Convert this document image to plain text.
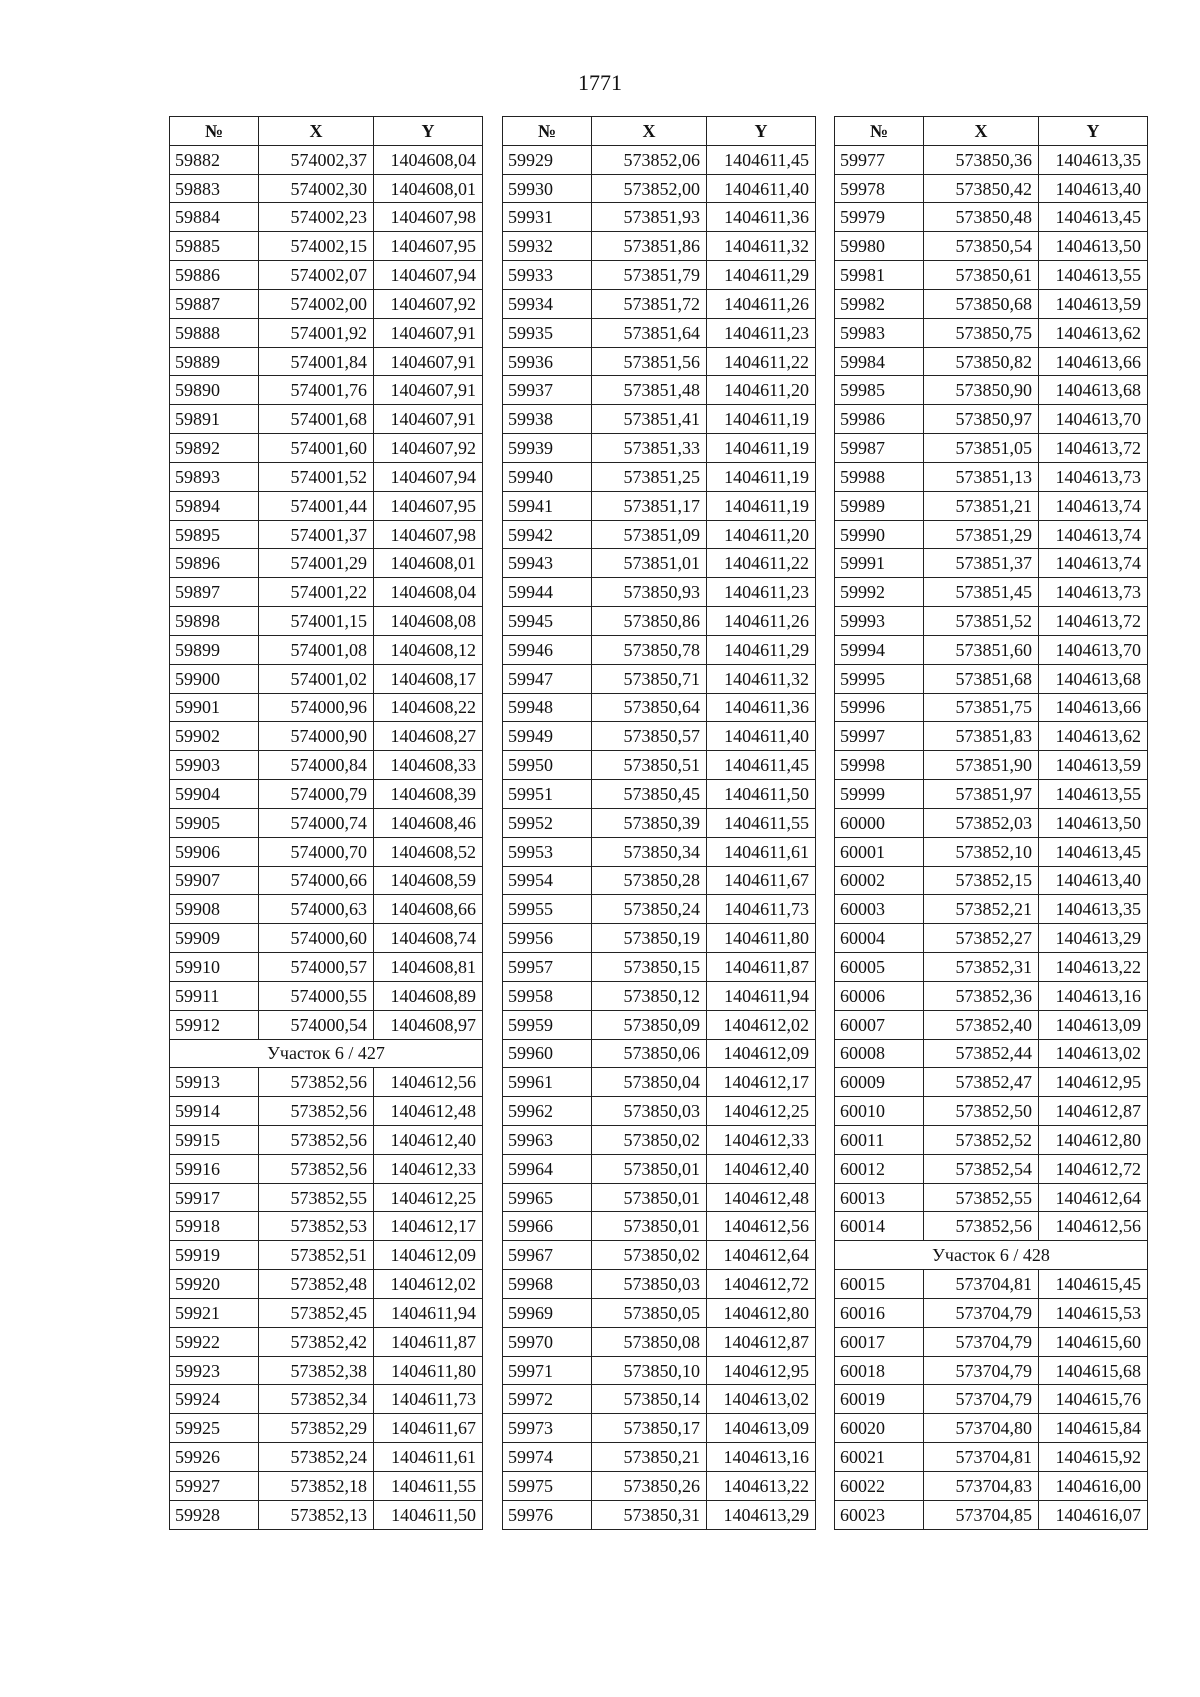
1771
№	X	Y
59882	574002,37	1404608,04
59883	574002,30	1404608,01
59884	574002,23	1404607,98
59885	574002,15	1404607,95
59886	574002,07	1404607,94
59887	574002,00	1404607,92
59888	574001,92	1404607,91
59889	574001,84	1404607,91
59890	574001,76	1404607,91
59891	574001,68	1404607,91
59892	574001,60	1404607,92
59893	574001,52	1404607,94
59894	574001,44	1404607,95
59895	574001,37	1404607,98
59896	574001,29	1404608,01
59897	574001,22	1404608,04
59898	574001,15	1404608,08
59899	574001,08	1404608,12
59900	574001,02	1404608,17
59901	574000,96	1404608,22
59902	574000,90	1404608,27
59903	574000,84	1404608,33
59904	574000,79	1404608,39
59905	574000,74	1404608,46
59906	574000,70	1404608,52
59907	574000,66	1404608,59
59908	574000,63	1404608,66
59909	574000,60	1404608,74
59910	574000,57	1404608,81
59911	574000,55	1404608,89
59912	574000,54	1404608,97
Участок 6 / 427		
59913	573852,56	1404612,56
59914	573852,56	1404612,48
59915	573852,56	1404612,40
59916	573852,56	1404612,33
59917	573852,55	1404612,25
59918	573852,53	1404612,17
59919	573852,51	1404612,09
59920	573852,48	1404612,02
59921	573852,45	1404611,94
59922	573852,42	1404611,87
59923	573852,38	1404611,80
59924	573852,34	1404611,73
59925	573852,29	1404611,67
59926	573852,24	1404611,61
59927	573852,18	1404611,55
59928	573852,13	1404611,50
№	X	Y
59929	573852,06	1404611,45
59930	573852,00	1404611,40
59931	573851,93	1404611,36
59932	573851,86	1404611,32
59933	573851,79	1404611,29
59934	573851,72	1404611,26
59935	573851,64	1404611,23
59936	573851,56	1404611,22
59937	573851,48	1404611,20
59938	573851,41	1404611,19
59939	573851,33	1404611,19
59940	573851,25	1404611,19
59941	573851,17	1404611,19
59942	573851,09	1404611,20
59943	573851,01	1404611,22
59944	573850,93	1404611,23
59945	573850,86	1404611,26
59946	573850,78	1404611,29
59947	573850,71	1404611,32
59948	573850,64	1404611,36
59949	573850,57	1404611,40
59950	573850,51	1404611,45
59951	573850,45	1404611,50
59952	573850,39	1404611,55
59953	573850,34	1404611,61
59954	573850,28	1404611,67
59955	573850,24	1404611,73
59956	573850,19	1404611,80
59957	573850,15	1404611,87
59958	573850,12	1404611,94
59959	573850,09	1404612,02
59960	573850,06	1404612,09
59961	573850,04	1404612,17
59962	573850,03	1404612,25
59963	573850,02	1404612,33
59964	573850,01	1404612,40
59965	573850,01	1404612,48
59966	573850,01	1404612,56
59967	573850,02	1404612,64
59968	573850,03	1404612,72
59969	573850,05	1404612,80
59970	573850,08	1404612,87
59971	573850,10	1404612,95
59972	573850,14	1404613,02
59973	573850,17	1404613,09
59974	573850,21	1404613,16
59975	573850,26	1404613,22
59976	573850,31	1404613,29
№	X	Y
59977	573850,36	1404613,35
59978	573850,42	1404613,40
59979	573850,48	1404613,45
59980	573850,54	1404613,50
59981	573850,61	1404613,55
59982	573850,68	1404613,59
59983	573850,75	1404613,62
59984	573850,82	1404613,66
59985	573850,90	1404613,68
59986	573850,97	1404613,70
59987	573851,05	1404613,72
59988	573851,13	1404613,73
59989	573851,21	1404613,74
59990	573851,29	1404613,74
59991	573851,37	1404613,74
59992	573851,45	1404613,73
59993	573851,52	1404613,72
59994	573851,60	1404613,70
59995	573851,68	1404613,68
59996	573851,75	1404613,66
59997	573851,83	1404613,62
59998	573851,90	1404613,59
59999	573851,97	1404613,55
60000	573852,03	1404613,50
60001	573852,10	1404613,45
60002	573852,15	1404613,40
60003	573852,21	1404613,35
60004	573852,27	1404613,29
60005	573852,31	1404613,22
60006	573852,36	1404613,16
60007	573852,40	1404613,09
60008	573852,44	1404613,02
60009	573852,47	1404612,95
60010	573852,50	1404612,87
60011	573852,52	1404612,80
60012	573852,54	1404612,72
60013	573852,55	1404612,64
60014	573852,56	1404612,56
Участок 6 / 428		
60015	573704,81	1404615,45
60016	573704,79	1404615,53
60017	573704,79	1404615,60
60018	573704,79	1404615,68
60019	573704,79	1404615,76
60020	573704,80	1404615,84
60021	573704,81	1404615,92
60022	573704,83	1404616,00
60023	573704,85	1404616,07
